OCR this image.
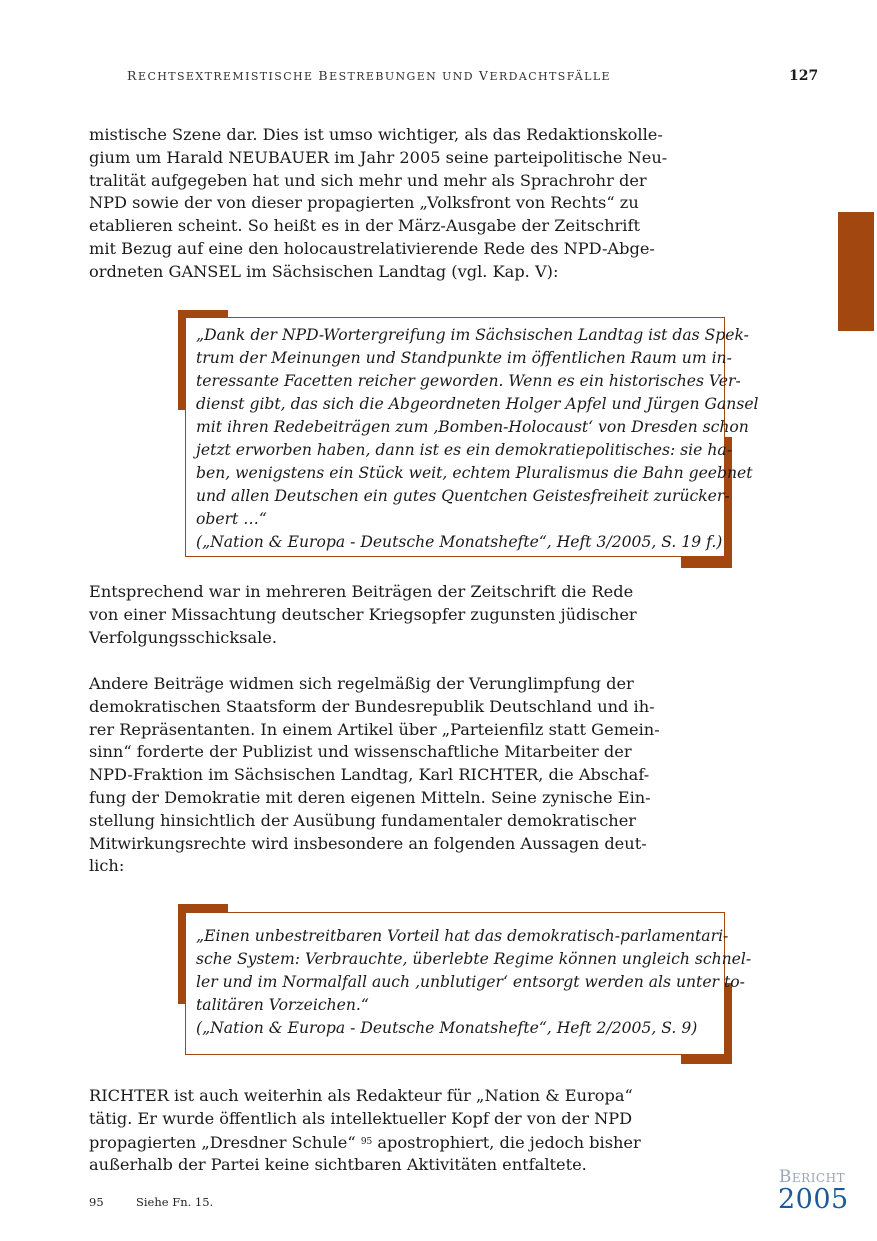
RECHTSEXTREMISTISCHE BESTREBUNGEN UND VERDACHTSFÄLLE	127
mistische Szene dar. Dies ist umso wichtiger, als das Redaktionskolle-
gium um Harald NEUBAUER im Jahr 2005 seine parteipolitische Neu-
tralität aufgegeben hat und sich mehr und mehr als Sprachrohr der
NPD sowie der von dieser propagierten „Volksfront von Rechts“ zu
etablieren scheint. So heißt es in der März-Ausgabe der Zeitschrift
mit Bezug auf eine den holocaustrelativierende Rede des NPD-Abge-
ordneten GANSEL im Sächsischen Landtag (vgl. Kap. V):
„Dank der NPD-Wortergreifung im Sächsischen Landtag ist das Spek-
trum der Meinungen und Standpunkte im öffentlichen Raum um in-
teressante Facetten reicher geworden. Wenn es ein historisches Ver-
dienst gibt, das sich die Abgeordneten Holger Apfel und Jürgen Gansel
mit ihren Redebeiträgen zum ‚Bomben-Holocaust‘ von Dresden schon
jetzt erworben haben, dann ist es ein demokratiepolitisches: sie ha-
ben, wenigstens ein Stück weit, echtem Pluralismus die Bahn geebnet
und allen Deutschen ein gutes Quentchen Geistesfreiheit zurücker-
obert …“
(„Nation & Europa - Deutsche Monatshefte“, Heft 3/2005, S. 19 f.)
Entsprechend war in mehreren Beiträgen der Zeitschrift die Rede
von einer Missachtung deutscher Kriegsopfer zugunsten jüdischer
Verfolgungsschicksale.
Andere Beiträge widmen sich regelmäßig der Verunglimpfung der
demokratischen Staatsform der Bundesrepublik Deutschland und ih-
rer Repräsentanten. In einem Artikel über „Parteienfilz statt Gemein-
sinn“ forderte der Publizist und wissenschaftliche Mitarbeiter der
NPD-Fraktion im Sächsischen Landtag, Karl RICHTER, die Abschaf-
fung der Demokratie mit deren eigenen Mitteln. Seine zynische Ein-
stellung hinsichtlich der Ausübung fundamentaler demokratischer
Mitwirkungsrechte wird insbesondere an folgenden Aussagen deut-
lich:
„Einen unbestreitbaren Vorteil hat das demokratisch-parlamentari-
sche System: Verbrauchte, überlebte Regime können ungleich schnel-
ler und im Normalfall auch ‚unblutiger‘ entsorgt werden als unter to-
talitären Vorzeichen.“
(„Nation & Europa - Deutsche Monatshefte“, Heft 2/2005, S. 9)
RICHTER ist auch weiterhin als Redakteur für „Nation & Europa“
tätig. Er wurde öffentlich als intellektueller Kopf der von der NPD
propagierten „Dresdner Schule“ $^{95}$ apostrophiert, die jedoch bisher
außerhalb der Partei keine sichtbaren Aktivitäten entfaltete.
95	Siehe Fn. 15.
Bericht
2005
